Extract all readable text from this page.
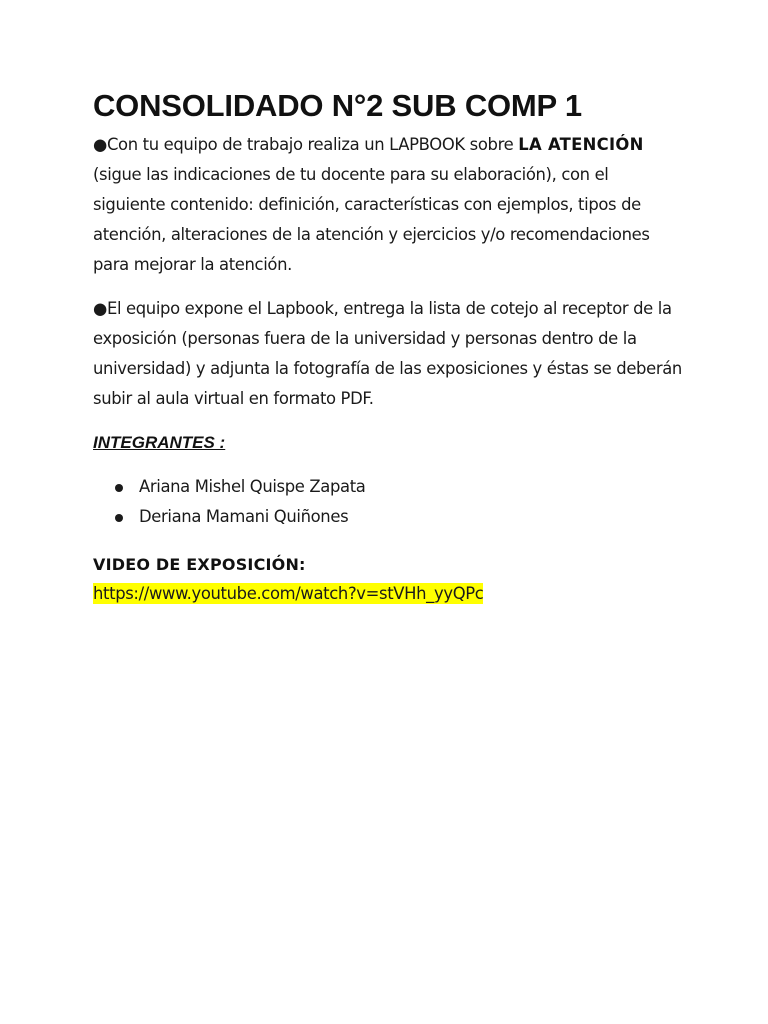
CONSOLIDADO N°2 SUB COMP 1

●Con tu equipo de trabajo realiza un LAPBOOK sobre LA ATENCIÓN (sigue las indicaciones de tu docente para su elaboración), con el siguiente contenido: definición, características con ejemplos, tipos de atención, alteraciones de la atención y ejercicios y/o recomendaciones para mejorar la atención.

●El equipo expone el Lapbook, entrega la lista de cotejo al receptor de la exposición (personas fuera de la universidad y personas dentro de la universidad) y adjunta la fotografía de las exposiciones y éstas se deberán subir al aula virtual en formato PDF.

INTEGRANTES :
Ariana Mishel Quispe Zapata
Deriana Mamani Quiñones

VIDEO DE EXPOSICIÓN:

https://www.youtube.com/watch?v=stVHh_yyQPc
